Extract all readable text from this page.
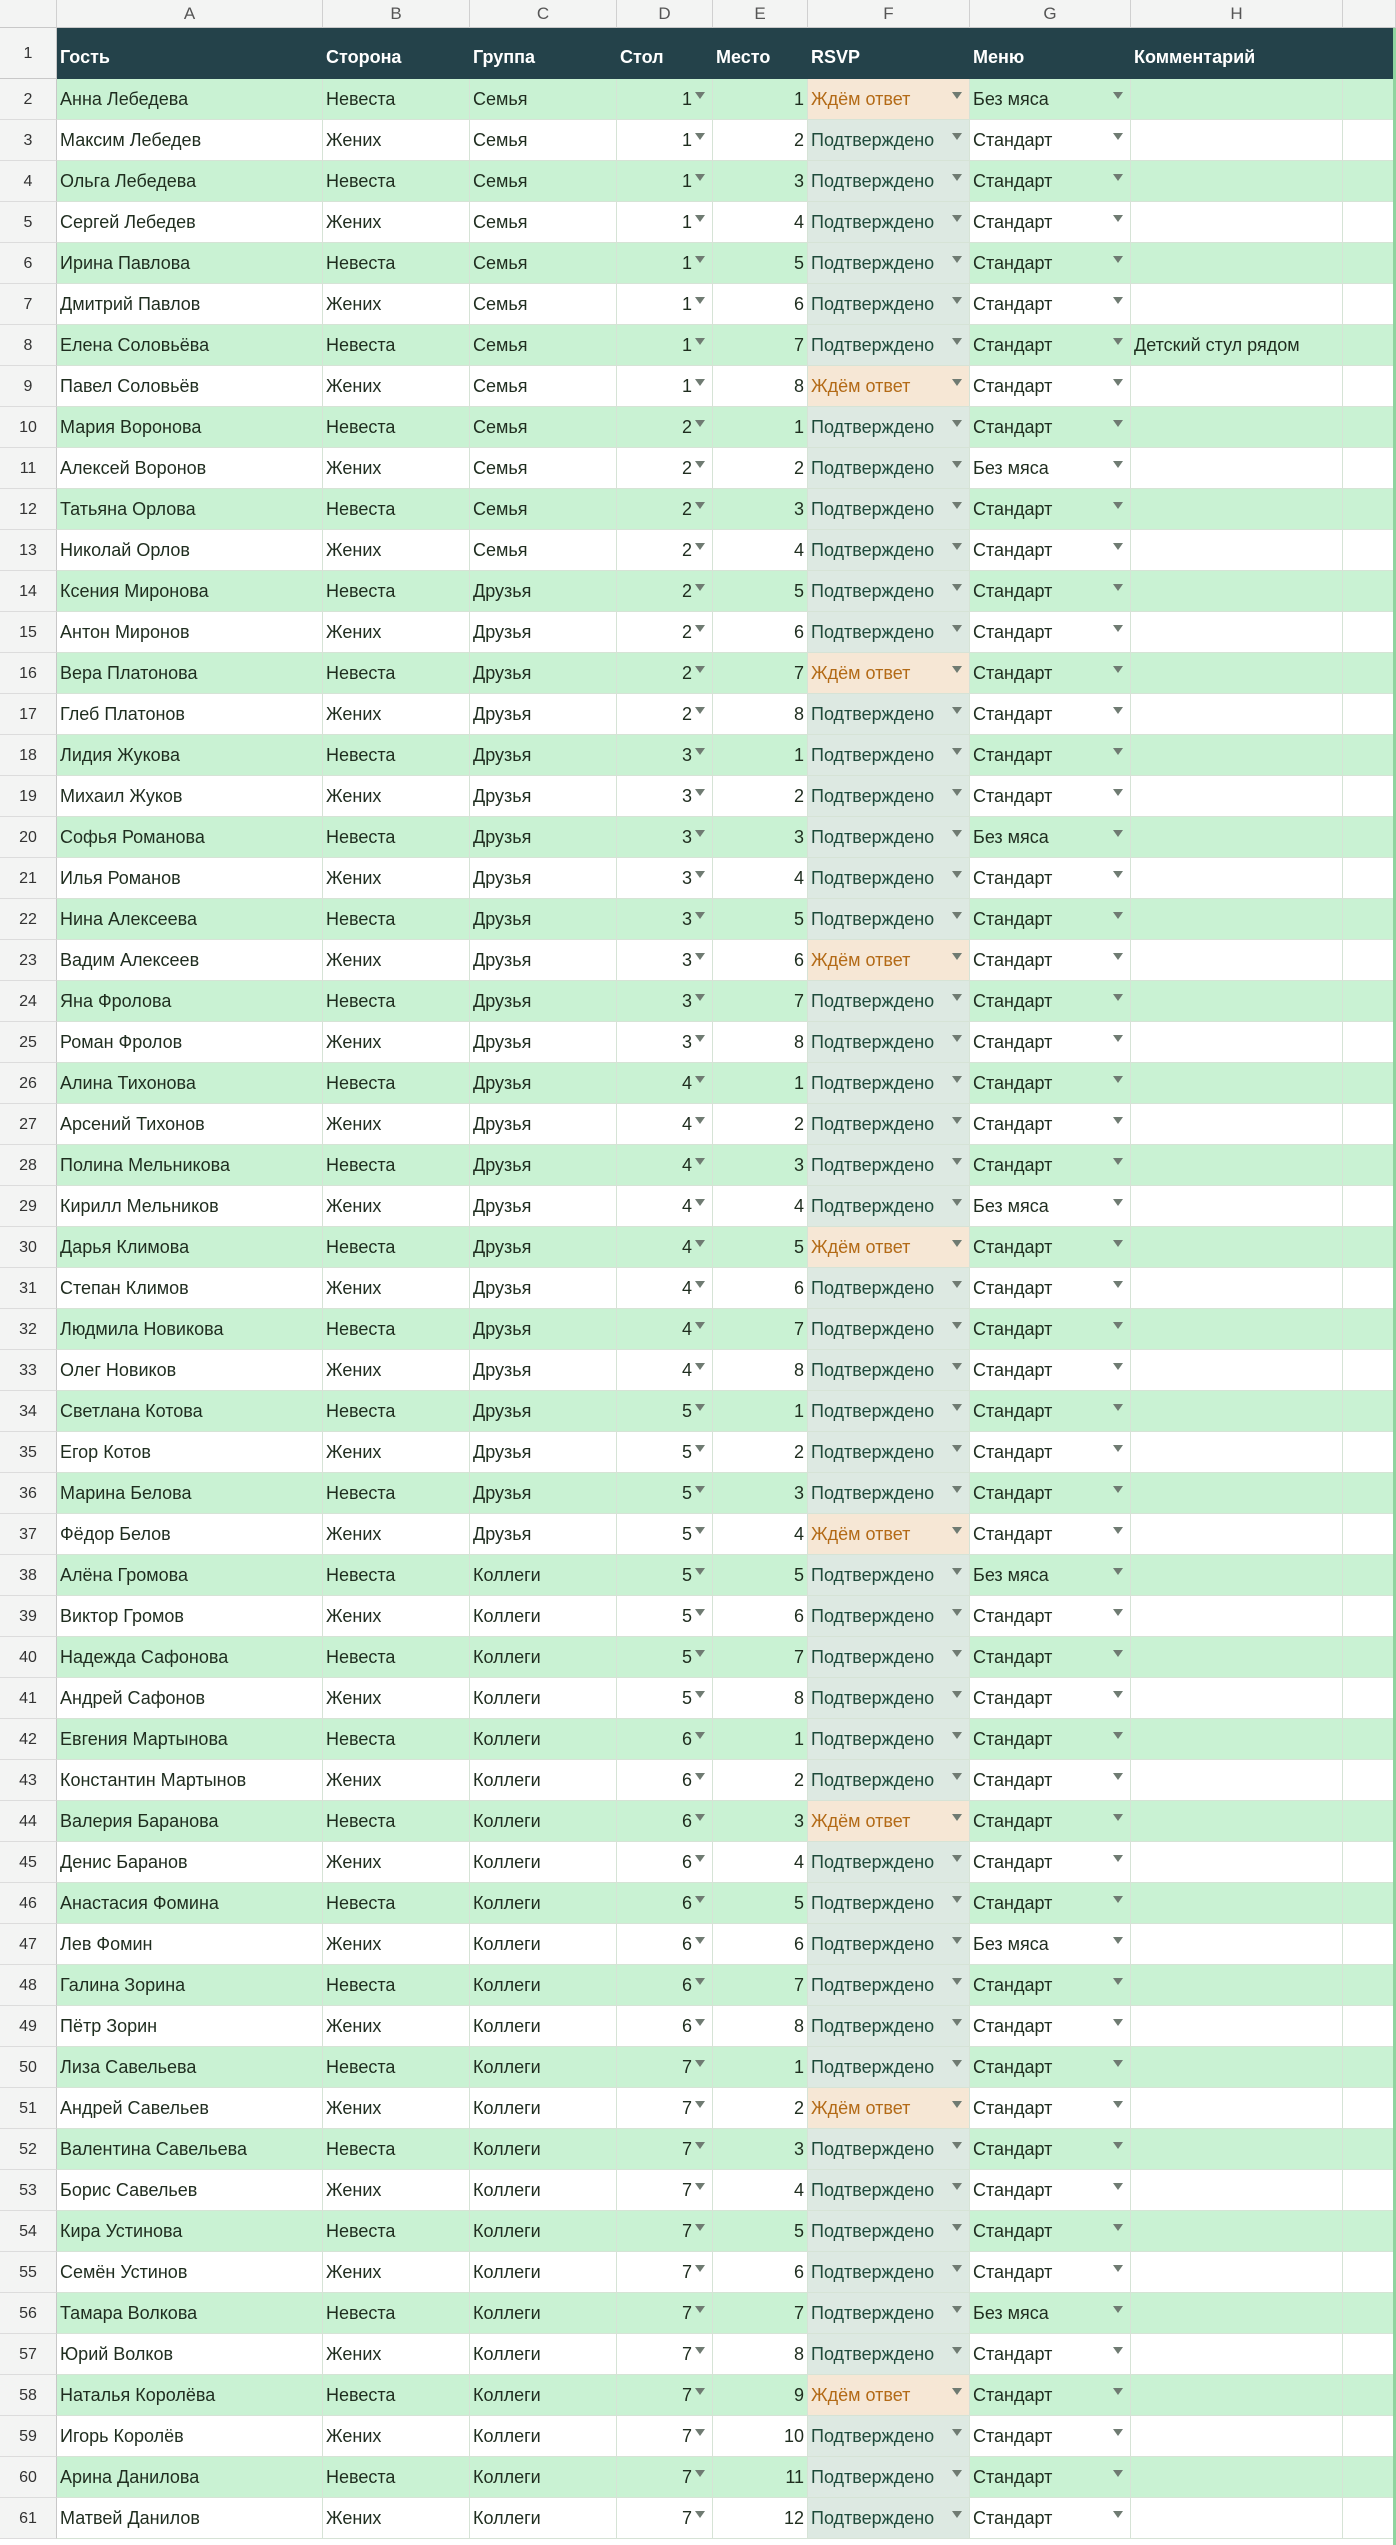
A	B	C	D	E	F	G	H
1	Гость	Сторона	Группа	Стол	Место	RSVP	Меню	Комментарий
2	Анна Лебедева	Невеста	Семья	1	1 Ждём ответ	Без мяса
3	Максим Лебедев	Жених	Семья	1	2 Подтверждено	Стандарт
4	Ольга Лебедева	Невеста	Семья	1	3 Подтверждено	Стандарт
5	Сергей Лебедев	Жених	Семья	1	4 Подтверждено	Стандарт
6	Ирина Павлова	Невеста	Семья	1	5 Подтверждено	Стандарт
7	Дмитрий Павлов	Жених	Семья	1	6 Подтверждено	Стандарт
8	Елена Соловьёва	Невеста	Семья	1	7 Подтверждено	Стандарт	Детский стул рядом
9	Павел Соловьёв	Жених	Семья	1	8 Ждём ответ	Стандарт
10	Мария Воронова	Невеста	Семья	2	1 Подтверждено	Стандарт
11	Алексей Воронов	Жених	Семья	2	2 Подтверждено	Без мяса
12	Татьяна Орлова	Невеста	Семья	2	3 Подтверждено	Стандарт
13	Николай Орлов	Жених	Семья	2	4 Подтверждено	Стандарт
14	Ксения Миронова	Невеста	Друзья	2	5 Подтверждено	Стандарт
15	Антон Миронов	Жених	Друзья	2	6 Подтверждено	Стандарт
16	Вера Платонова	Невеста	Друзья	2	7 Ждём ответ	Стандарт
17	Глеб Платонов	Жених	Друзья	2	8 Подтверждено	Стандарт
18	Лидия Жукова	Невеста	Друзья	3	1 Подтверждено	Стандарт
19	Михаил Жуков	Жених	Друзья	3	2 Подтверждено	Стандарт
20	Софья Романова	Невеста	Друзья	3	3 Подтверждено	Без мяса
21	Илья Романов	Жених	Друзья	3	4 Подтверждено	Стандарт
22	Нина Алексеева	Невеста	Друзья	3	5 Подтверждено	Стандарт
23	Вадим Алексеев	Жених	Друзья	3	6 Ждём ответ	Стандарт
24	Яна Фролова	Невеста	Друзья	3	7 Подтверждено	Стандарт
25	Роман Фролов	Жених	Друзья	3	8 Подтверждено	Стандарт
26	Алина Тихонова	Невеста	Друзья	4	1 Подтверждено	Стандарт
27	Арсений Тихонов	Жених	Друзья	4	2 Подтверждено	Стандарт
28	Полина Мельникова	Невеста	Друзья	4	3 Подтверждено	Стандарт
29	Кирилл Мельников	Жених	Друзья	4	4 Подтверждено	Без мяса
30	Дарья Климова	Невеста	Друзья	4	5 Ждём ответ	Стандарт
31	Степан Климов	Жених	Друзья	4	6 Подтверждено	Стандарт
32	Людмила Новикова	Невеста	Друзья	4	7 Подтверждено	Стандарт
33	Олег Новиков	Жених	Друзья	4	8 Подтверждено	Стандарт
34	Светлана Котова	Невеста	Друзья	5	1 Подтверждено	Стандарт
35	Егор Котов	Жених	Друзья	5	2 Подтверждено	Стандарт
36	Марина Белова	Невеста	Друзья	5	3 Подтверждено	Стандарт
37	Фёдор Белов	Жених	Друзья	5	4 Ждём ответ	Стандарт
38	Алёна Громова	Невеста	Коллеги	5	5 Подтверждено	Без мяса
39	Виктор Громов	Жених	Коллеги	5	6 Подтверждено	Стандарт
40	Надежда Сафонова	Невеста	Коллеги	5	7 Подтверждено	Стандарт
41	Андрей Сафонов	Жених	Коллеги	5	8 Подтверждено	Стандарт
42	Евгения Мартынова	Невеста	Коллеги	6	1 Подтверждено	Стандарт
43	Константин Мартынов	Жених	Коллеги	6	2 Подтверждено	Стандарт
44	Валерия Баранова	Невеста	Коллеги	6	3 Ждём ответ	Стандарт
45	Денис Баранов	Жених	Коллеги	6	4 Подтверждено	Стандарт
46	Анастасия Фомина	Невеста	Коллеги	6	5 Подтверждено	Стандарт
47	Лев Фомин	Жених	Коллеги	6	6 Подтверждено	Без мяса
48	Галина Зорина	Невеста	Коллеги	6	7 Подтверждено	Стандарт
49	Пётр Зорин	Жених	Коллеги	6	8 Подтверждено	Стандарт
50	Лиза Савельева	Невеста	Коллеги	7	1 Подтверждено	Стандарт
51	Андрей Савельев	Жених	Коллеги	7	2 Ждём ответ	Стандарт
52	Валентина Савельева	Невеста	Коллеги	7	3 Подтверждено	Стандарт
53	Борис Савельев	Жених	Коллеги	7	4 Подтверждено	Стандарт
54	Кира Устинова	Невеста	Коллеги	7	5 Подтверждено	Стандарт
55	Семён Устинов	Жених	Коллеги	7	6 Подтверждено	Стандарт
56	Тамара Волкова	Невеста	Коллеги	7	7 Подтверждено	Без мяса
57	Юрий Волков	Жених	Коллеги	7	8 Подтверждено	Стандарт
58	Наталья Королёва	Невеста	Коллеги	7	9 Ждём ответ	Стандарт
59	Игорь Королёв	Жених	Коллеги	7	10 Подтверждено	Стандарт
60	Арина Данилова	Невеста	Коллеги	7	11 Подтверждено	Стандарт
61	Матвей Данилов	Жених	Коллеги	7	12 Подтверждено	Стандарт
